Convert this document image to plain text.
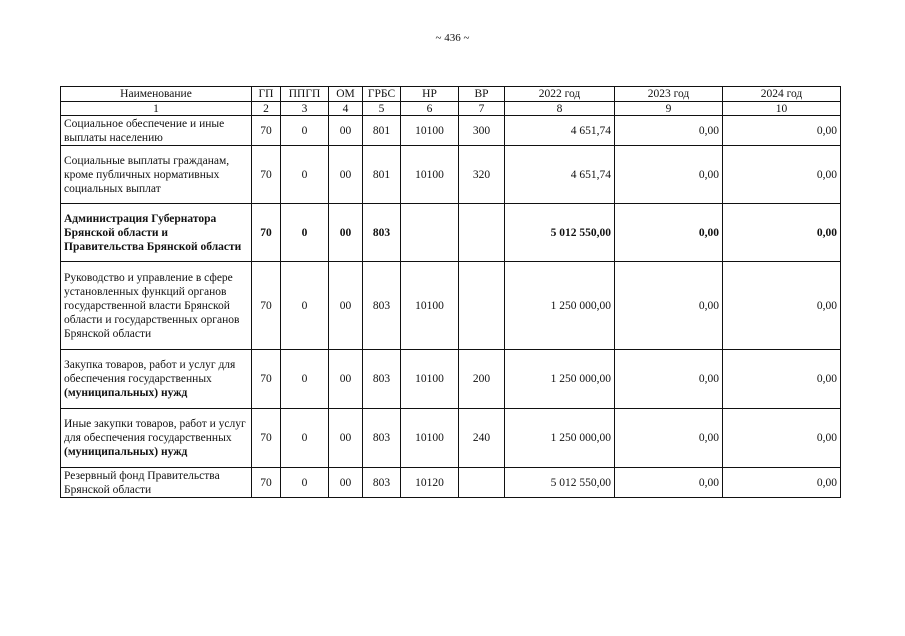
~ 436 ~
Наименование	ГП	ППГП	ОМ	ГРБС	НР	ВР	2022 год	2023 год	2024 год
1	2	3	4	5	6	7	8	9	10
Социальное обеспечение и иные выплаты населению	70	0	00	801	10100	300	4 651,74	0,00	0,00
Социальные выплаты гражданам, кроме публичных нормативных социальных выплат	70	0	00	801	10100	320	4 651,74	0,00	0,00
Администрация Губернатора Брянской области и Правительства Брянской области	70	0	00	803			5 012 550,00	0,00	0,00
Руководство и управление в сфере установленных функций органов государственной власти Брянской области и государственных органов Брянской области	70	0	00	803	10100		1 250 000,00	0,00	0,00
Закупка товаров, работ и услуг для обеспечения государственных (муниципальных) нужд	70	0	00	803	10100	200	1 250 000,00	0,00	0,00
Иные закупки товаров, работ и услуг для обеспечения государственных (муниципальных) нужд	70	0	00	803	10100	240	1 250 000,00	0,00	0,00
Резервный фонд Правительства Брянской области	70	0	00	803	10120		5 012 550,00	0,00	0,00
